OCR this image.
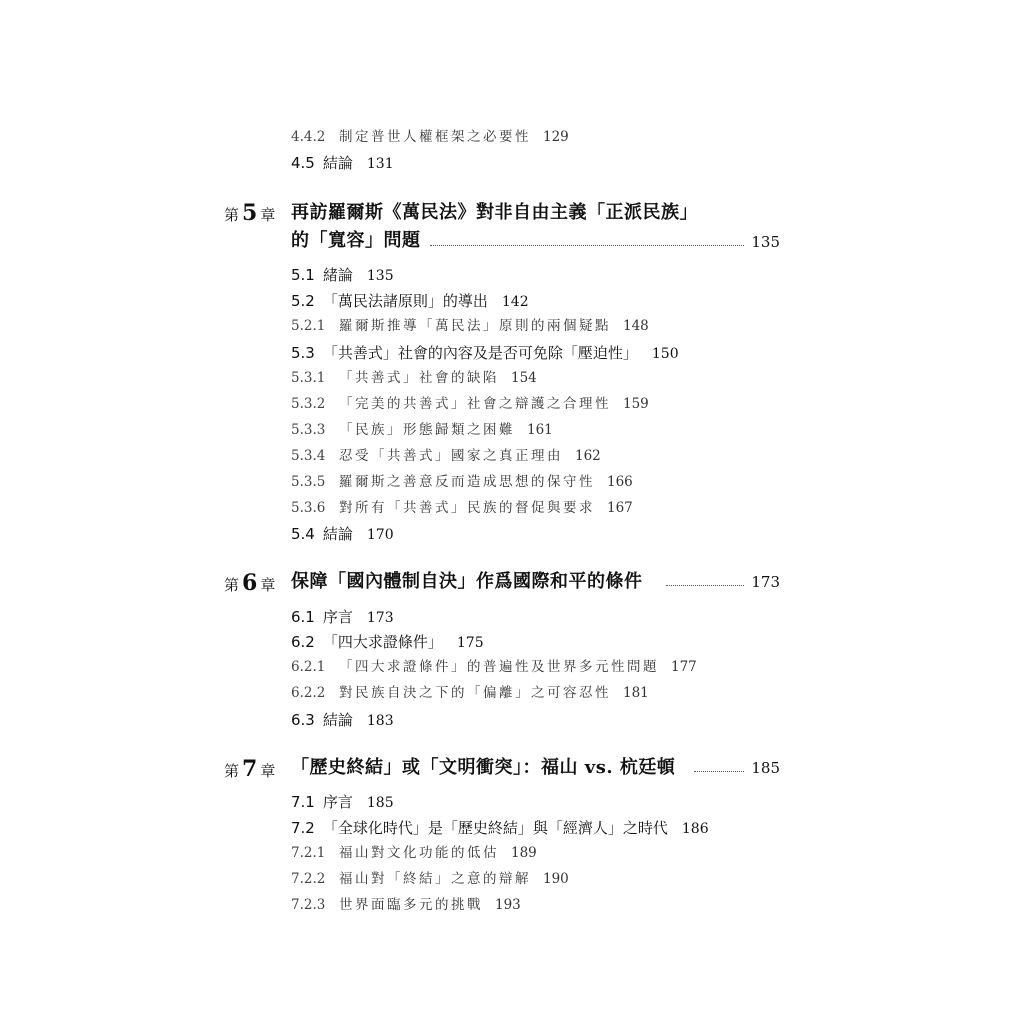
4.4.2 制定普世人權框架之必要性 129
4.5 結論 131
第 5 章 再訪羅爾斯《萬民法》對非自由主義「正派民族」
的「寬容」問題	135
5.1 緒論 135
5.2 「萬民法諸原則」的導出 142
5.2.1 羅爾斯推導「萬民法」原則的兩個疑點 148
5.3 「共善式」社會的內容及是否可免除「壓迫性」 150
5.3.1 「共善式」社會的缺陷 154
5.3.2 「完美的共善式」社會之辯護之合理性 159
5.3.3 「民族」形態歸類之困難 161
5.3.4 忍受「共善式」國家之真正理由 162
5.3.5 羅爾斯之善意反而造成思想的保守性 166
5.3.6 對所有「共善式」民族的督促與要求 167
5.4 結論 170
第 6 章 保障「國內體制自決」作爲國際和平的條件	173
6.1 序言 173
6.2 「四大求證條件」 175
6.2.1 「四大求證條件」的普遍性及世界多元性問題 177
6.2.2 對民族自決之下的「偏離」之可容忍性 181
6.3 結論 183
第 7 章 「歷史終結」或「文明衝突」：福山 vs. 杭廷頓	185
7.1 序言 185
7.2 「全球化時代」是「歷史終結」與「經濟人」之時代 186
7.2.1 福山對文化功能的低估 189
7.2.2 福山對「終結」之意的辯解 190
7.2.3 世界面臨多元的挑戰 193
